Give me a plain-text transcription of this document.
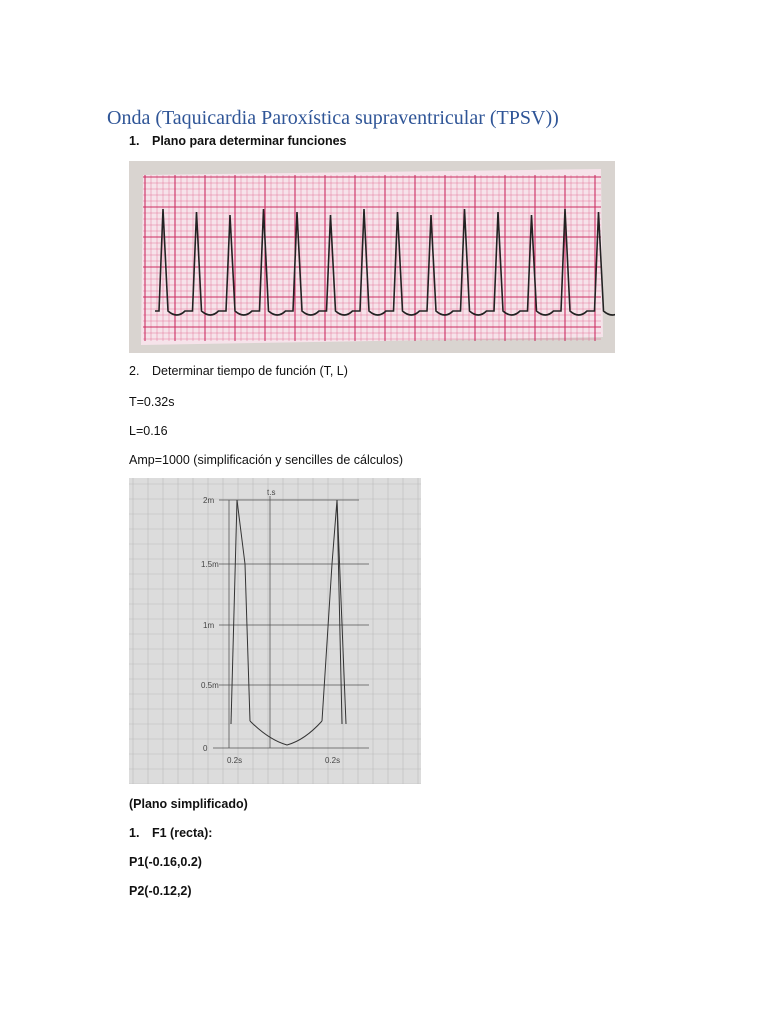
Onda (Taquicardia Paroxística supraventricular (TPSV))
1. Plano para determinar funciones
2. Determinar tiempo de función (T, L)
T=0.32s
L=0.16
Amp=1000 (simplificación y sencilles de cálculos)
2m
1.5m
1m
0.5m
0
0.2s	0.2s
t.s
(Plano simplificado)
1. F1 (recta):
P1(-0.16,0.2)
P2(-0.12,2)
